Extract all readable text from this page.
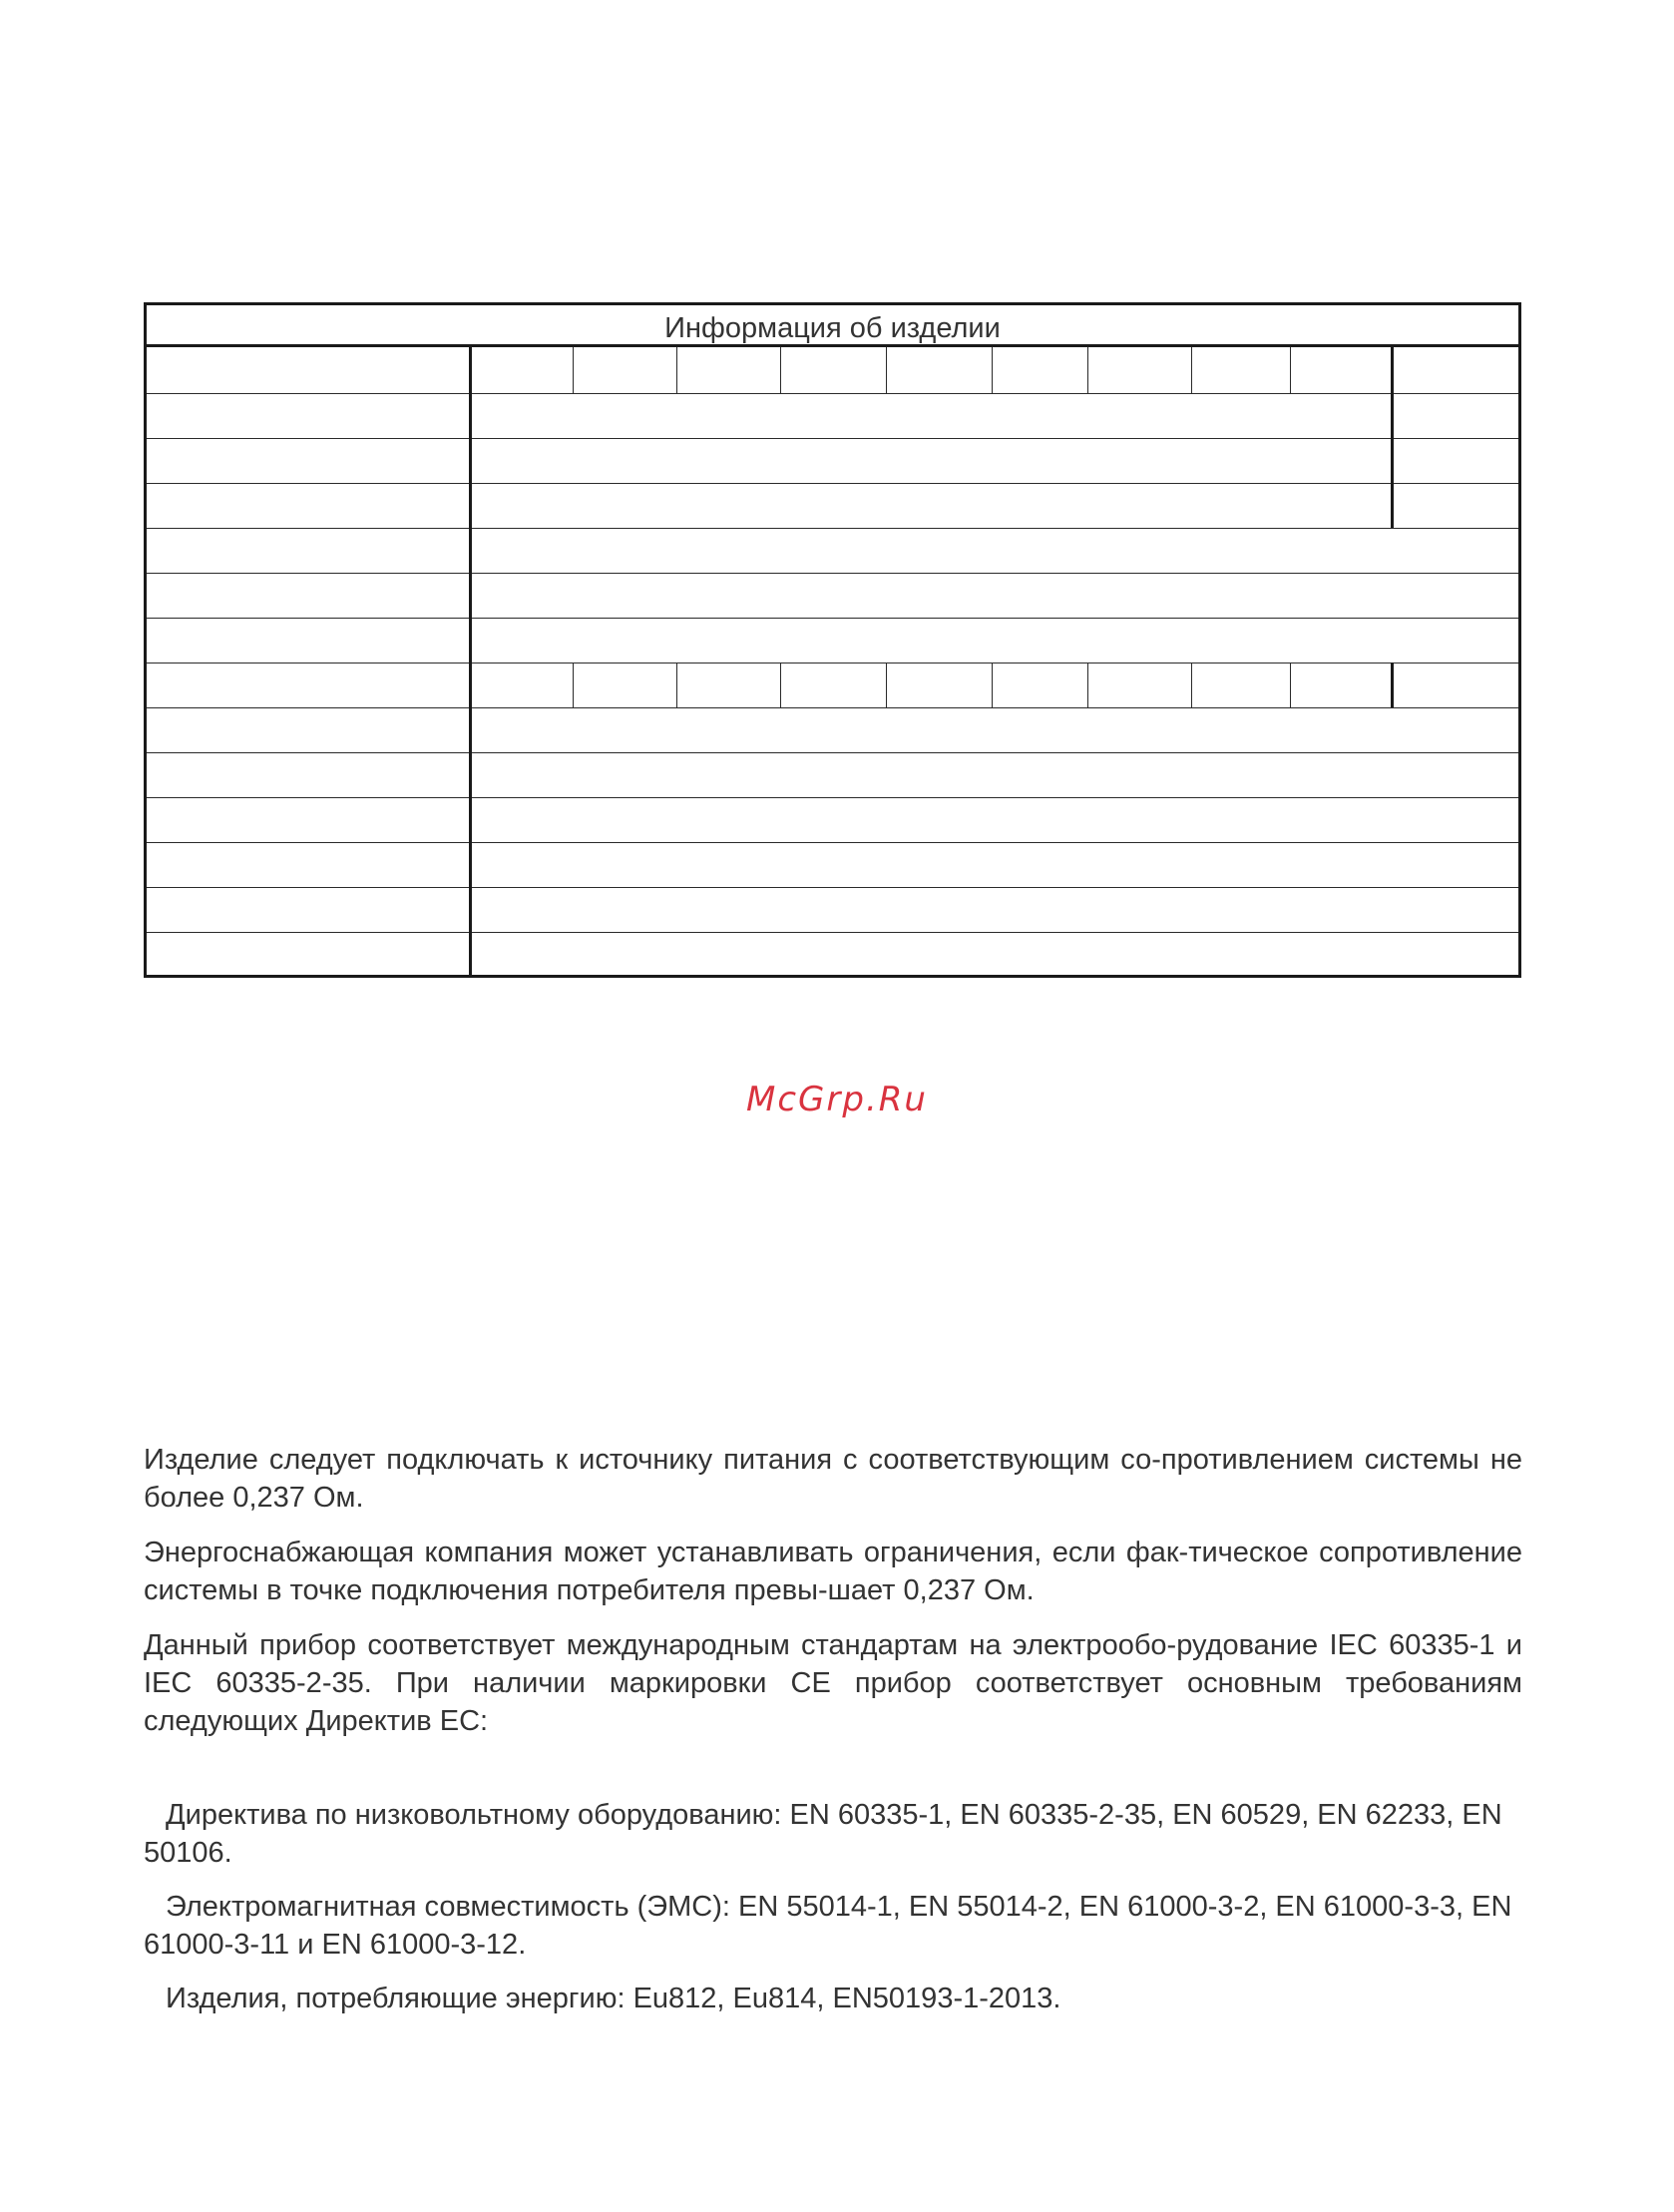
Информация об изделии
McGrp.Ru

Изделие следует подключать к источнику питания с соответствующим со-противлением системы не более 0,237 Ом.

Энергоснабжающая компания может устанавливать ограничения, если фак-тическое сопротивление системы в точке подключения потребителя превы-шает 0,237 Ом.

Данный прибор соответствует международным стандартам на электрообо-рудование IEC 60335-1 и IEC 60335-2-35. При наличии маркировки CE прибор соответствует основным требованиям следующих Директив ЕС:

Директива по низковольтному оборудованию: EN 60335-1, EN 60335-2-35, EN 60529, EN 62233, EN 50106.

Электромагнитная совместимость (ЭМС): EN 55014-1, EN 55014-2, EN 61000-3-2, EN 61000-3-3, EN 61000-3-11 и EN 61000-3-12.

Изделия, потребляющие энергию: Eu812, Eu814, EN50193-1-2013.
